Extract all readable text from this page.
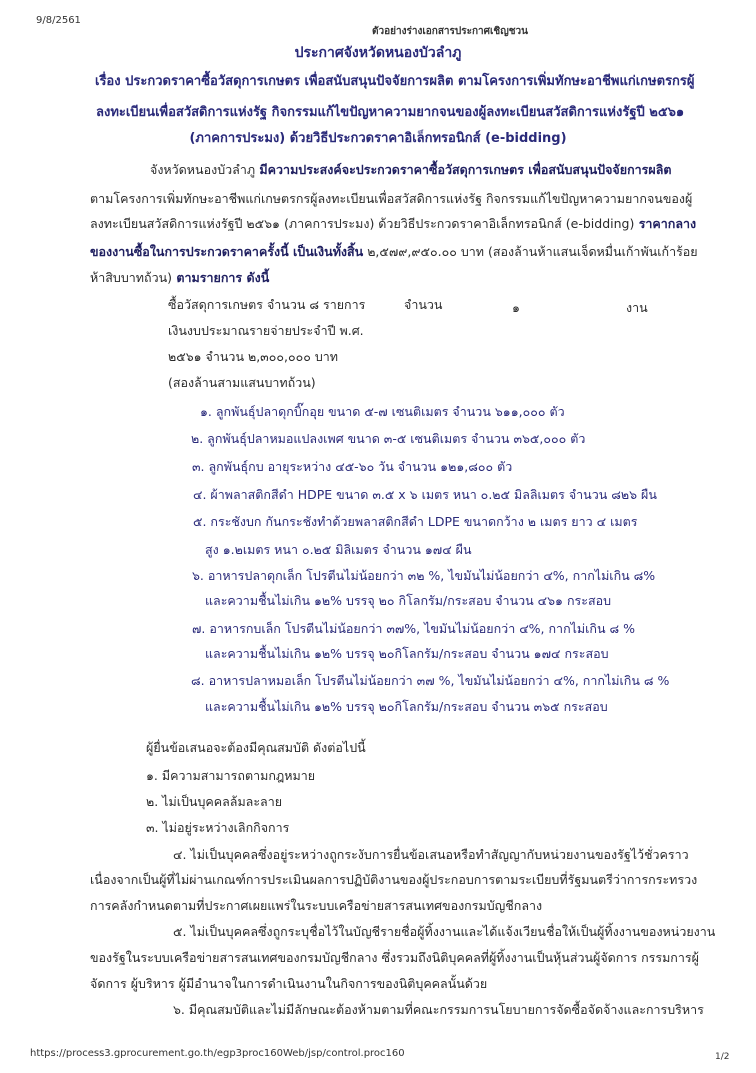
9/8/2561
ตัวอย่างร่างเอกสารประกาศเชิญชวน
ประกาศจังหวัดหนองบัวลำภู
เรื่อง ประกวดราคาซื้อวัสดุการเกษตร เพื่อสนับสนุนปัจจัยการผลิต ตามโครงการเพิ่มทักษะอาชีพแก่เกษตรกรผู้
ลงทะเบียนเพื่อสวัสดิการแห่งรัฐ กิจกรรมแก้ไขปัญหาความยากจนของผู้ลงทะเบียนสวัสดิการแห่งรัฐปี ๒๕๖๑
(ภาคการประมง) ด้วยวิธีประกวดราคาอิเล็กทรอนิกส์ (e-bidding)
จังหวัดหนองบัวลำภู มีความประสงค์จะประกวดราคาซื้อวัสดุการเกษตร เพื่อสนับสนุนปัจจัยการผลิต
ตามโครงการเพิ่มทักษะอาชีพแก่เกษตรกรผู้ลงทะเบียนเพื่อสวัสดิการแห่งรัฐ กิจกรรมแก้ไขปัญหาความยากจนของผู้
ลงทะเบียนสวัสดิการแห่งรัฐปี ๒๕๖๑ (ภาคการประมง) ด้วยวิธีประกวดราคาอิเล็กทรอนิกส์ (e-bidding) ราคากลาง
ของงานซื้อในการประกวดราคาครั้งนี้ เป็นเงินทั้งสิ้น ๒,๕๗๙,๙๕๐.๐๐ บาท (สองล้านห้าแสนเจ็ดหมื่นเก้าพันเก้าร้อย
ห้าสิบบาทถ้วน) ตามรายการ ดังนี้
ซื้อวัสดุการเกษตร จำนวน ๘ รายการ	จำนวน	๑	งาน
เงินงบประมาณรายจ่ายประจำปี พ.ศ.
๒๕๖๑ จำนวน ๒,๓๐๐,๐๐๐ บาท
(สองล้านสามแสนบาทถ้วน)
๑. ลูกพันธุ์ปลาดุกบิ๊กอุย ขนาด ๕-๗ เซนติเมตร จำนวน ๖๑๑,๐๐๐ ตัว
๒. ลูกพันธุ์ปลาหมอแปลงเพศ ขนาด ๓-๕ เซนติเมตร จำนวน ๓๖๕,๐๐๐ ตัว
๓. ลูกพันธุ์กบ อายุระหว่าง ๔๕-๖๐ วัน จำนวน ๑๒๑,๘๐๐ ตัว
๔. ผ้าพลาสติกสีดำ HDPE ขนาด ๓.๕ x ๖ เมตร หนา ๐.๒๕ มิลลิเมตร จำนวน ๘๒๖ ผืน
๕. กระชังบก กันกระชังทำด้วยพลาสติกสีดำ LDPE ขนาดกว้าง ๒ เมตร ยาว ๔ เมตร
สูง ๑.๒เมตร หนา ๐.๒๕ มิลิเมตร จำนวน ๑๗๔ ผืน
๖. อาหารปลาดุกเล็ก โปรตีนไม่น้อยกว่า ๓๒ %, ไขมันไม่น้อยกว่า ๔%, กากไม่เกิน ๘%
และความชื้นไม่เกิน ๑๒% บรรจุ ๒๐ กิโลกรัม/กระสอบ จำนวน ๔๖๑ กระสอบ
๗. อาหารกบเล็ก โปรตีนไม่น้อยกว่า ๓๗%, ไขมันไม่น้อยกว่า ๔%, กากไม่เกิน ๘ %
และความชื้นไม่เกิน ๑๒% บรรจุ ๒๐กิโลกรัม/กระสอบ จำนวน ๑๗๔ กระสอบ
๘. อาหารปลาหมอเล็ก โปรตีนไม่น้อยกว่า ๓๗ %, ไขมันไม่น้อยกว่า ๔%, กากไม่เกิน ๘ %
และความชื้นไม่เกิน ๑๒% บรรจุ ๒๐กิโลกรัม/กระสอบ จำนวน ๓๖๕ กระสอบ
ผู้ยื่นข้อเสนอจะต้องมีคุณสมบัติ ดังต่อไปนี้
๑. มีความสามารถตามกฎหมาย
๒. ไม่เป็นบุคคลล้มละลาย
๓. ไม่อยู่ระหว่างเลิกกิจการ
๔. ไม่เป็นบุคคลซึ่งอยู่ระหว่างถูกระงับการยื่นข้อเสนอหรือทำสัญญากับหน่วยงานของรัฐไว้ชั่วคราว
เนื่องจากเป็นผู้ที่ไม่ผ่านเกณฑ์การประเมินผลการปฏิบัติงานของผู้ประกอบการตามระเบียบที่รัฐมนตรีว่าการกระทรวง
การคลังกำหนดตามที่ประกาศเผยแพร่ในระบบเครือข่ายสารสนเทศของกรมบัญชีกลาง
๕. ไม่เป็นบุคคลซึ่งถูกระบุชื่อไว้ในบัญชีรายชื่อผู้ทิ้งงานและได้แจ้งเวียนชื่อให้เป็นผู้ทิ้งงานของหน่วยงาน
ของรัฐในระบบเครือข่ายสารสนเทศของกรมบัญชีกลาง ซึ่งรวมถึงนิติบุคคลที่ผู้ทิ้งงานเป็นหุ้นส่วนผู้จัดการ กรรมการผู้
จัดการ ผู้บริหาร ผู้มีอำนาจในการดำเนินงานในกิจการของนิติบุคคลนั้นด้วย
๖. มีคุณสมบัติและไม่มีลักษณะต้องห้ามตามที่คณะกรรมการนโยบายการจัดซื้อจัดจ้างและการบริหาร
https://process3.gprocurement.go.th/egp3proc160Web/jsp/control.proc160	1/2
